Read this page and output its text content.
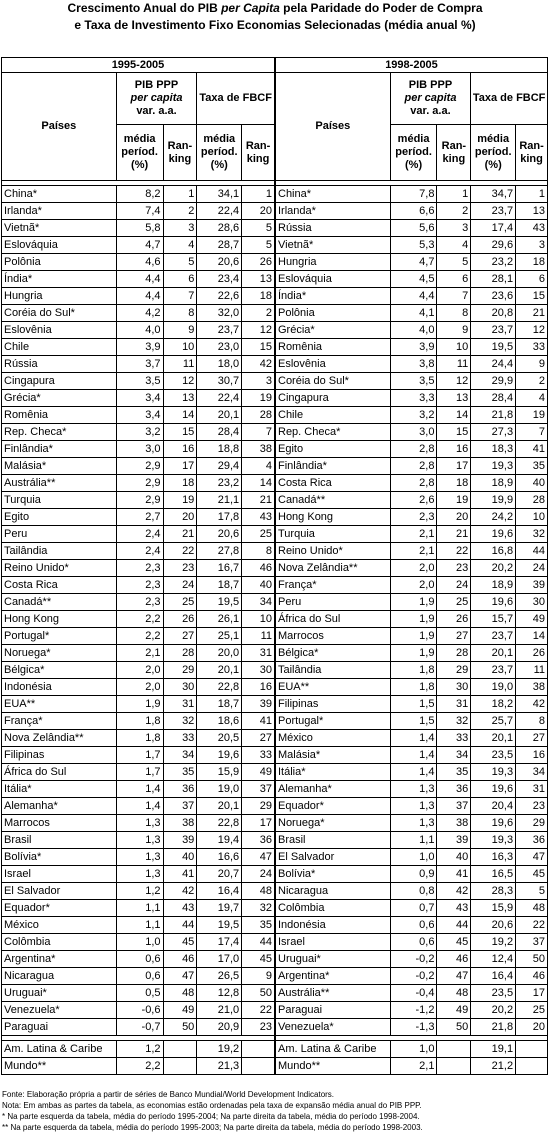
Crescimento Anual do PIB per Capita pela Paridade do Poder de Compra
e Taxa de Investimento Fixo Economias Selecionadas (média anual %)
1995-2005				
Países	PIB PPP
per capita
var. a.a.		Taxa de FBCF	
	média períod. (%)	Ran-king	média períod. (%)	Ran-king

China*	8,2	1	34,1	1
Irlanda*	7,4	2	22,4	20
Vietnã*	5,8	3	28,6	5
Eslováquia	4,7	4	28,7	5
Polônia	4,6	5	20,6	26
Índia*	4,4	6	23,4	13
Hungria	4,4	7	22,6	18
Coréia do Sul*	4,2	8	32,0	2
Eslovênia	4,0	9	23,7	12
Chile	3,9	10	23,0	15
Rússia	3,7	11	18,0	42
Cingapura	3,5	12	30,7	3
Grécia*	3,4	13	22,4	19
Romênia	3,4	14	20,1	28
Rep. Checa*	3,2	15	28,4	7
Finlândia*	3,0	16	18,8	38
Malásia*	2,9	17	29,4	4
Austrália**	2,9	18	23,2	14
Turquia	2,9	19	21,1	21
Egito	2,7	20	17,8	43
Peru	2,4	21	20,6	25
Tailândia	2,4	22	27,8	8
Reino Unido*	2,3	23	16,7	46
Costa Rica	2,3	24	18,7	40
Canadá**	2,3	25	19,5	34
Hong Kong	2,2	26	26,1	10
Portugal*	2,2	27	25,1	11
Noruega*	2,1	28	20,0	31
Bélgica*	2,0	29	20,1	30
Indonésia	2,0	30	22,8	16
EUA**	1,9	31	18,7	39
França*	1,8	32	18,6	41
Nova Zelândia**	1,8	33	20,5	27
Filipinas	1,7	34	19,6	33
África do Sul	1,7	35	15,9	49
Itália*	1,4	36	19,0	37
Alemanha*	1,4	37	20,1	29
Marrocos	1,3	38	22,8	17
Brasil	1,3	39	19,4	36
Bolívia*	1,3	40	16,6	47
Israel	1,3	41	20,7	24
El Salvador	1,2	42	16,4	48
Equador*	1,1	43	19,7	32
México	1,1	44	19,5	35
Colômbia	1,0	45	17,4	44
Argentina*	0,6	46	17,0	45
Nicaragua	0,6	47	26,5	9
Uruguai*	0,5	48	12,8	50
Venezuela*	-0,6	49	21,0	22
Paraguai	-0,7	50	20,9	23

Am. Latina & Caribe	1,2		19,2	
Mundo**	2,2		21,3	
1998-2005				
Países	PIB PPP
per capita
var. a.a.		Taxa de FBCF	
	média períod. (%)	Ran-king	média períod. (%)	Ran-king

China*	7,8	1	34,7	1
Irlanda*	6,6	2	23,7	13
Rússia	5,6	3	17,4	43
Vietnã*	5,3	4	29,6	3
Hungria	4,7	5	23,2	18
Eslováquia	4,5	6	28,1	6
Índia*	4,4	7	23,6	15
Polônia	4,1	8	20,8	21
Grécia*	4,0	9	23,7	12
Romênia	3,9	10	19,5	33
Eslovênia	3,8	11	24,4	9
Coréia do Sul*	3,5	12	29,9	2
Cingapura	3,3	13	28,4	4
Chile	3,2	14	21,8	19
Rep. Checa*	3,0	15	27,3	7
Egito	2,8	16	18,3	41
Finlândia*	2,8	17	19,3	35
Costa Rica	2,8	18	18,9	40
Canadá**	2,6	19	19,9	28
Hong Kong	2,3	20	24,2	10
Turquia	2,1	21	19,6	32
Reino Unido*	2,1	22	16,8	44
Nova Zelândia**	2,0	23	20,2	24
França*	2,0	24	18,9	39
Peru	1,9	25	19,6	30
África do Sul	1,9	26	15,7	49
Marrocos	1,9	27	23,7	14
Bélgica*	1,9	28	20,1	26
Tailândia	1,8	29	23,7	11
EUA**	1,8	30	19,0	38
Filipinas	1,5	31	18,2	42
Portugal*	1,5	32	25,7	8
México	1,4	33	20,1	27
Malásia*	1,4	34	23,5	16
Itália*	1,4	35	19,3	34
Alemanha*	1,3	36	19,6	31
Equador*	1,3	37	20,4	23
Noruega*	1,3	38	19,6	29
Brasil	1,1	39	19,3	36
El Salvador	1,0	40	16,3	47
Bolívia*	0,9	41	16,5	45
Nicaragua	0,8	42	28,3	5
Colômbia	0,7	43	15,9	48
Indonésia	0,6	44	20,6	22
Israel	0,6	45	19,2	37
Uruguai*	-0,2	46	12,4	50
Argentina*	-0,2	47	16,4	46
Austrália**	-0,4	48	23,5	17
Paraguai	-1,2	49	20,2	25
Venezuela*	-1,3	50	21,8	20

Am. Latina & Caribe	1,0		19,1	
Mundo**	2,1		21,2	
Fonte: Elaboração própria a partir de séries de Banco Mundial/World Development Indicators.
Nota: Em ambas as partes da tabela, as economias estão ordenadas pela taxa de expansão média anual do PIB PPP.
* Na parte esquerda da tabela, média do período 1995-2004; Na parte direita da tabela, média do período 1998-2004.
** Na parte esquerda da tabela, média do período 1995-2003; Na parte direita da tabela, média do período 1998-2003.
